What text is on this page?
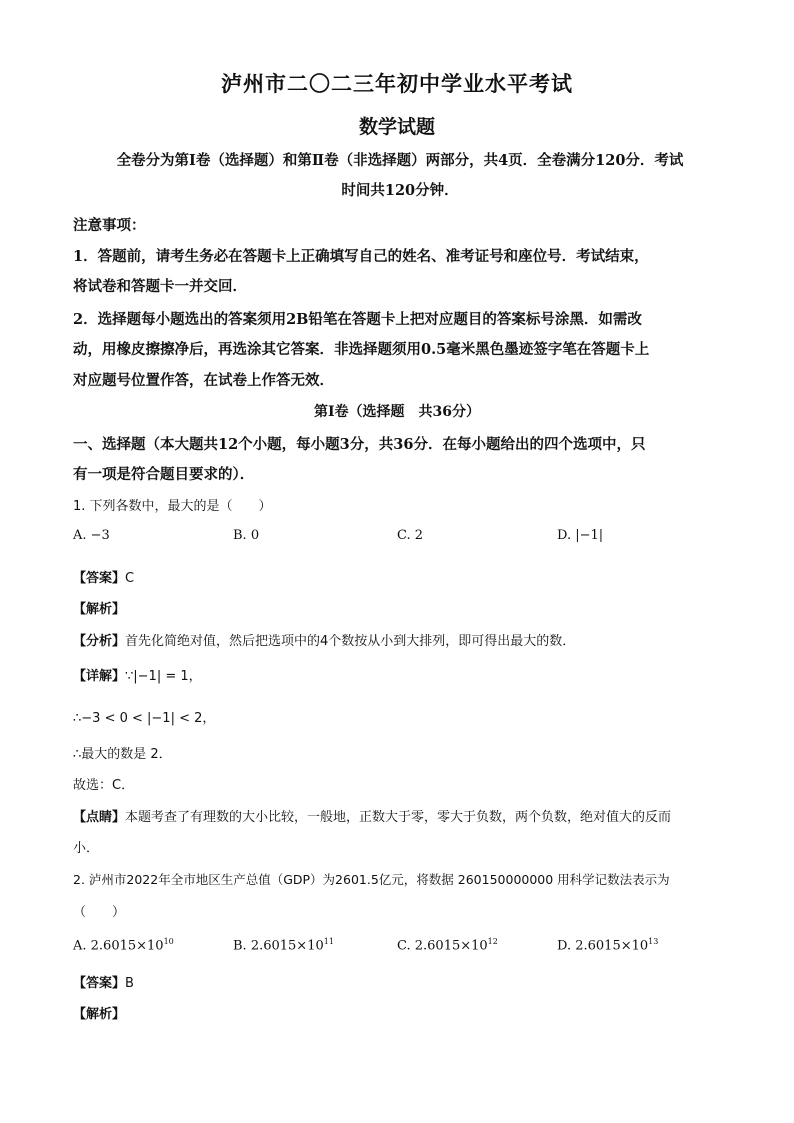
泸州市二〇二三年初中学业水平考试
数学试题
全卷分为第Ⅰ卷（选择题）和第Ⅱ卷（非选择题）两部分，共4页．全卷满分120分．考试
时间共120分钟．
注意事项：
1．答题前，请考生务必在答题卡上正确填写自己的姓名、准考证号和座位号．考试结束，
将试卷和答题卡一并交回．
2．选择题每小题选出的答案须用2B铅笔在答题卡上把对应题目的答案标号涂黑．如需改
动，用橡皮擦擦净后，再选涂其它答案．非选择题须用0.5毫米黑色墨迹签字笔在答题卡上
对应题号位置作答，在试卷上作答无效．
第Ⅰ卷（选择题　共36分）
一、选择题（本大题共12个小题，每小题3分，共36分．在每小题给出的四个选项中，只
有一项是符合题目要求的）．
1. 下列各数中，最大的是（　　）
A. −3	B. 0	C. 2	D. |−1|
【答案】C
【解析】
【分析】首先化简绝对值，然后把选项中的4个数按从小到大排列，即可得出最大的数．
【详解】∵|−1| = 1，
∴−3 < 0 < |−1| < 2，
∴最大的数是 2．
故选：C．
【点睛】本题考查了有理数的大小比较，一般地，正数大于零，零大于负数，两个负数，绝对值大的反而
小．
2. 泸州市2022年全市地区生产总值（GDP）为2601.5亿元，将数据 260150000000 用科学记数法表示为
（　　）
A. $2.6015\times 10^{10}$	B. $2.6015\times 10^{11}$	C. $2.6015\times 10^{12}$	D. $2.6015\times 10^{13}$
【答案】B
【解析】
